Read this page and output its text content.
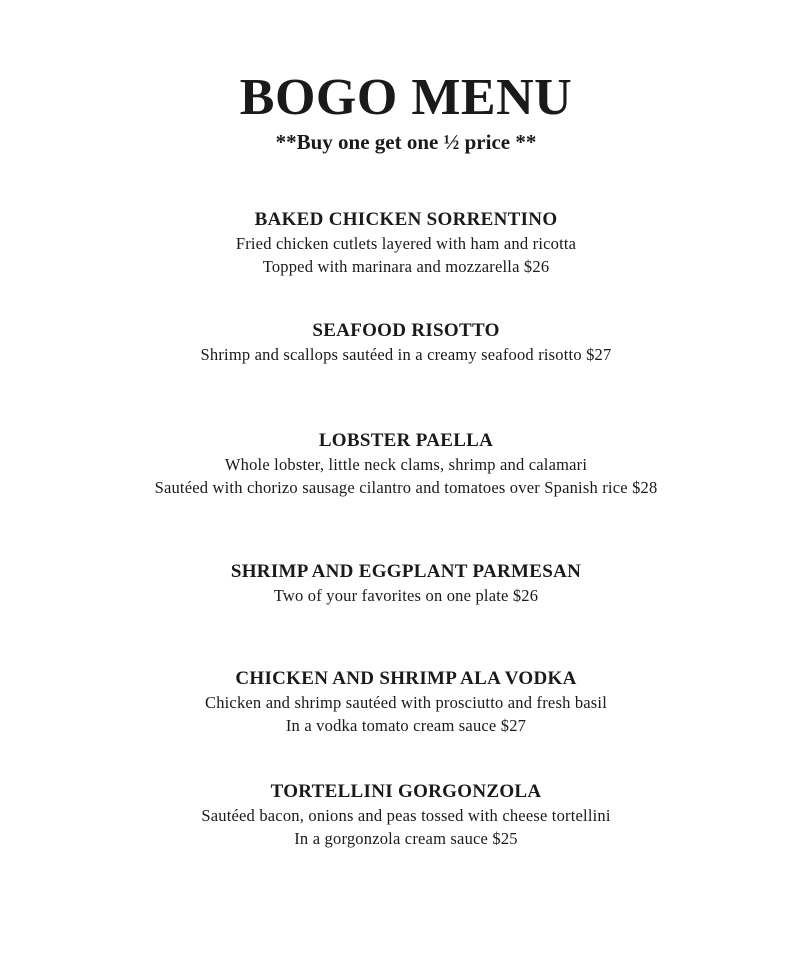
BOGO MENU
**Buy one get one ½ price **
BAKED CHICKEN SORRENTINO
Fried chicken cutlets layered with ham and ricotta
Topped with marinara and mozzarella $26
SEAFOOD RISOTTO
Shrimp and scallops sautéed in a creamy seafood risotto $27
LOBSTER PAELLA
Whole lobster, little neck clams, shrimp and calamari
Sautéed with chorizo sausage cilantro and tomatoes over Spanish rice $28
SHRIMP AND EGGPLANT PARMESAN
Two of your favorites on one plate $26
CHICKEN AND SHRIMP ALA VODKA
Chicken and shrimp sautéed with prosciutto and fresh basil
In a vodka tomato cream sauce $27
TORTELLINI GORGONZOLA
Sautéed bacon, onions and peas tossed with cheese tortellini
In a gorgonzola cream sauce $25
